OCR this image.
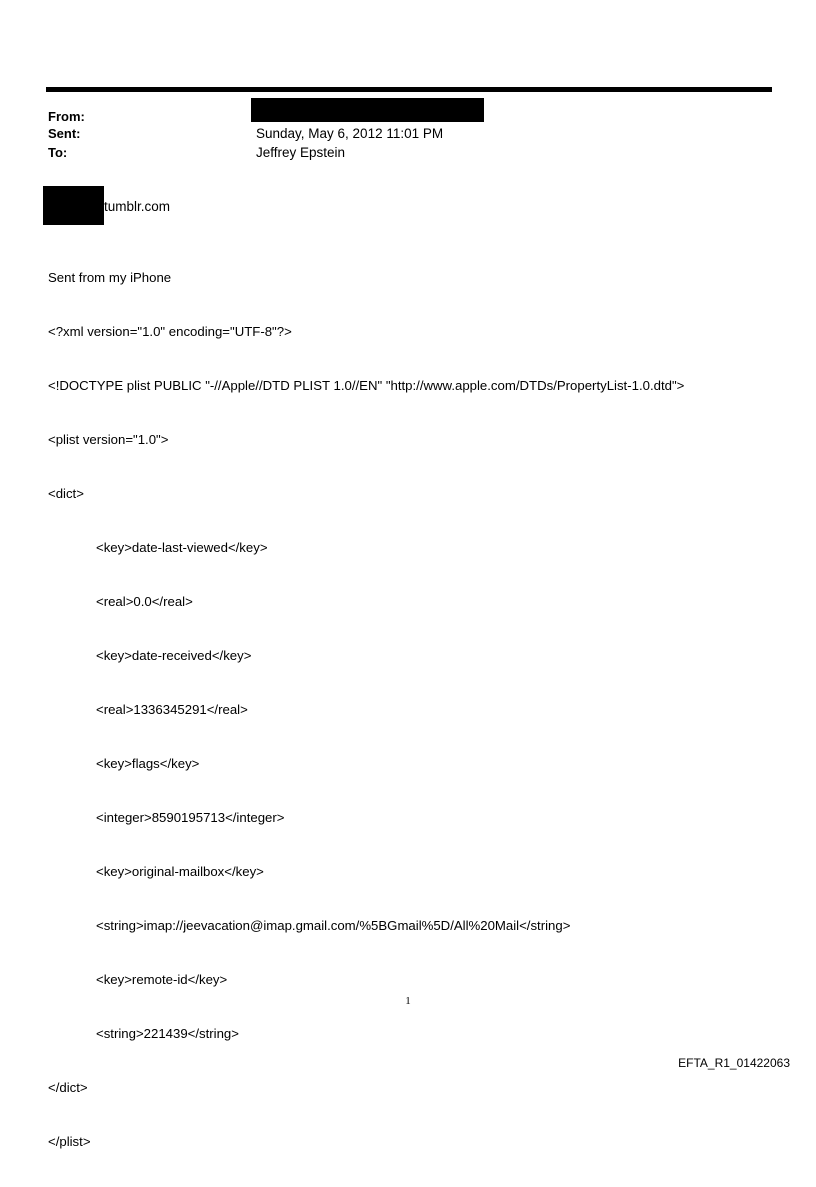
From:
Sent:	Sunday, May 6, 2012 11:01 PM
To:	Jeffrey Epstein
tumblr.com

Sent from my iPhone

<?xml version="1.0" encoding="UTF-8"?>

<!DOCTYPE plist PUBLIC "-//Apple//DTD PLIST 1.0//EN" "http://www.apple.com/DTDs/PropertyList-1.0.dtd">

<plist version="1.0">

<dict>

<key>date-last-viewed</key>

<real>0.0</real>

<key>date-received</key>

<real>1336345291</real>

<key>flags</key>

<integer>8590195713</integer>

<key>original-mailbox</key>

<string>imap://jeevacation@imap.gmail.com/%5BGmail%5D/All%20Mail</string>

<key>remote-id</key>

<string>221439</string>

</dict>

</plist>

1
EFTA_R1_01422063
